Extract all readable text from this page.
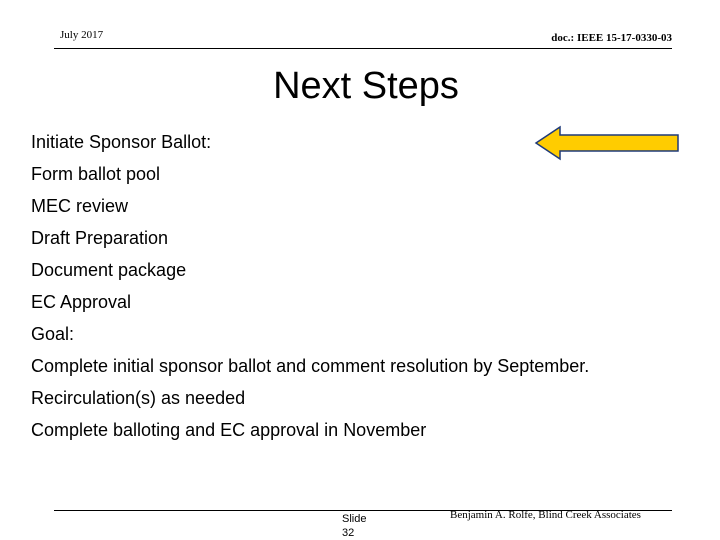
July 2017	doc.: IEEE 15-17-0330-03
Next Steps
Initiate Sponsor Ballot:
Form ballot pool
MEC review
Draft Preparation
Document package
EC Approval
Goal:
Complete initial sponsor ballot and comment resolution by September.
Recirculation(s) as needed
Complete balloting and EC approval in November
Slide
32
Benjamin A. Rolfe, Blind Creek Associates
